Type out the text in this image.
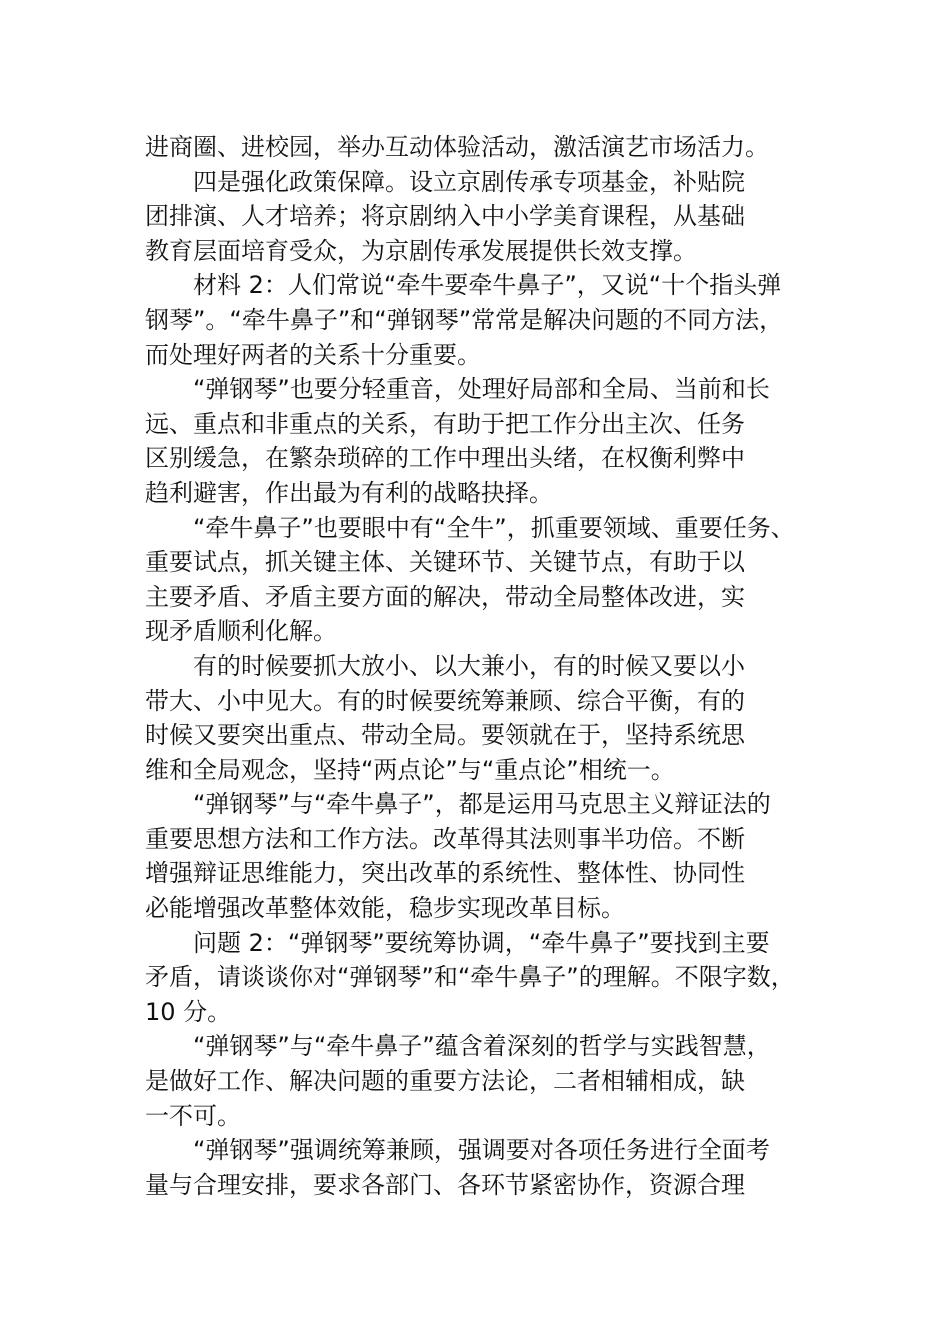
进商圈、进校园，举办互动体验活动，激活演艺市场活力。

　　四是强化政策保障。设立京剧传承专项基金，补贴院
团排演、人才培养；将京剧纳入中小学美育课程，从基础
教育层面培育受众，为京剧传承发展提供长效支撑。

　　材料 2：人们常说“牵牛要牵牛鼻子”，又说“十个指头弹
钢琴”。“牵牛鼻子”和“弹钢琴”常常是解决问题的不同方法，
而处理好两者的关系十分重要。

　　“弹钢琴”也要分轻重音，处理好局部和全局、当前和长
远、重点和非重点的关系，有助于把工作分出主次、任务
区别缓急，在繁杂琐碎的工作中理出头绪，在权衡利弊中
趋利避害，作出最为有利的战略抉择。

　　“牵牛鼻子”也要眼中有“全牛”，抓重要领域、重要任务、
重要试点，抓关键主体、关键环节、关键节点，有助于以
主要矛盾、矛盾主要方面的解决，带动全局整体改进，实
现矛盾顺利化解。

　　有的时候要抓大放小、以大兼小，有的时候又要以小
带大、小中见大。有的时候要统筹兼顾、综合平衡，有的
时候又要突出重点、带动全局。要领就在于，坚持系统思
维和全局观念，坚持“两点论”与“重点论”相统一。

　　“弹钢琴”与“牵牛鼻子”，都是运用马克思主义辩证法的
重要思想方法和工作方法。改革得其法则事半功倍。不断
增强辩证思维能力，突出改革的系统性、整体性、协同性
必能增强改革整体效能，稳步实现改革目标。

　　问题 2：“弹钢琴”要统筹协调，“牵牛鼻子”要找到主要
矛盾，请谈谈你对“弹钢琴”和“牵牛鼻子”的理解。不限字数，
10 分。

　　“弹钢琴”与“牵牛鼻子”蕴含着深刻的哲学与实践智慧，
是做好工作、解决问题的重要方法论，二者相辅相成，缺
一不可。

　　“弹钢琴”强调统筹兼顾，强调要对各项任务进行全面考
量与合理安排，要求各部门、各环节紧密协作，资源合理
